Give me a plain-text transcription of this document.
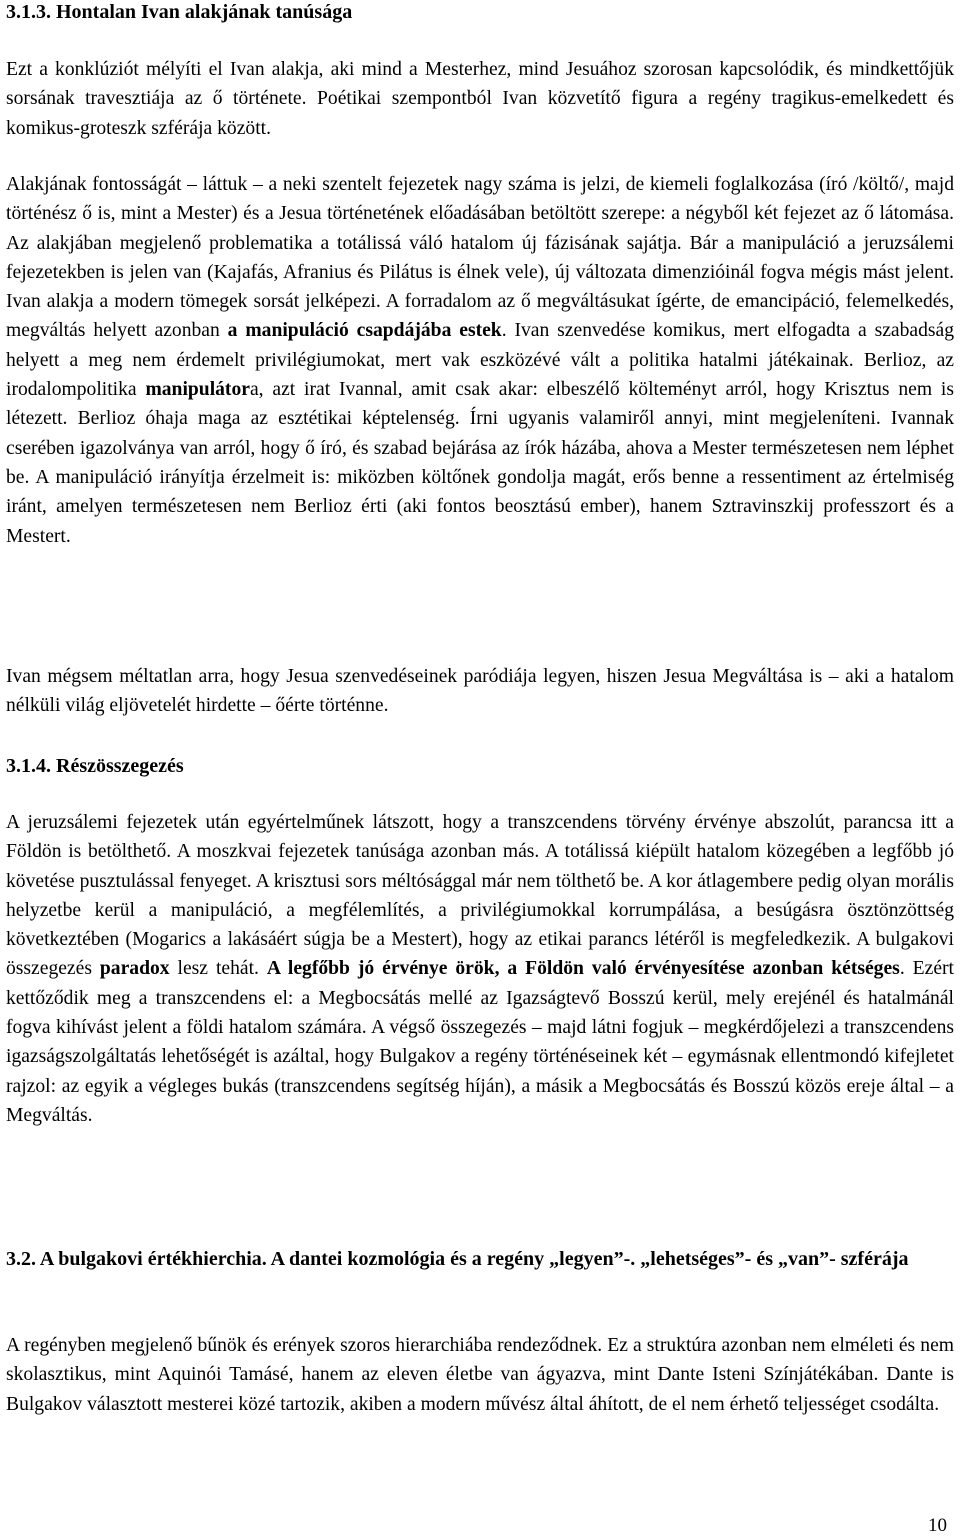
3.1.3. Hontalan Ivan alakjának tanúsága

Ezt a konklúziót mélyíti el Ivan alakja, aki mind a Mesterhez, mind Jesuához szorosan kapcsolódik, és mindkettőjük sorsának travesztiája az ő története. Poétikai szempontból Ivan közvetítő figura a regény tragikus-emelkedett és komikus-groteszk szférája között.

Alakjának fontosságát – láttuk – a neki szentelt fejezetek nagy száma is jelzi, de kiemeli foglalkozása (író /költő/, majd történész ő is, mint a Mester) és a Jesua történetének előadásában betöltött szerepe: a négyből két fejezet az ő látomása. Az alakjában megjelenő problematika a totálissá váló hatalom új fázisának sajátja. Bár a manipuláció a jeruzsálemi fejezetekben is jelen van (Kajafás, Afranius és Pilátus is élnek vele), új változata dimenzióinál fogva mégis mást jelent. Ivan alakja a modern tömegek sorsát jelképezi. A forradalom az ő megváltásukat ígérte, de emancipáció, felemelkedés, megváltás helyett azonban a manipuláció csapdájába estek. Ivan szenvedése komikus, mert elfogadta a szabadság helyett a meg nem érdemelt privilégiumokat, mert vak eszközévé vált a politika hatalmi játékainak. Berlioz, az irodalompolitika manipulátora, azt irat Ivannal, amit csak akar: elbeszélő költeményt arról, hogy Krisztus nem is létezett. Berlioz óhaja maga az esztétikai képtelenség. Írni ugyanis valamiről annyi, mint megjeleníteni. Ivannak cserében igazolványa van arról, hogy ő író, és szabad bejárása az írók házába, ahova a Mester természetesen nem léphet be. A manipuláció irányítja érzelmeit is: miközben költőnek gondolja magát, erős benne a ressentiment az értelmiség iránt, amelyen természetesen nem Berlioz érti (aki fontos beosztású ember), hanem Sztravinszkij professzort és a Mestert.

Ivan mégsem méltatlan arra, hogy Jesua szenvedéseinek paródiája legyen, hiszen Jesua Megváltása is – aki a hatalom nélküli világ eljövetelét hirdette – őérte történne.

3.1.4. Részösszegezés

A jeruzsálemi fejezetek után egyértelműnek látszott, hogy a transzcendens törvény érvénye abszolút, parancsa itt a Földön is betölthető. A moszkvai fejezetek tanúsága azonban más. A totálissá kiépült hatalom közegében a legfőbb jó követése pusztulással fenyeget. A krisztusi sors méltósággal már nem tölthető be. A kor átlagembere pedig olyan morális helyzetbe kerül a manipuláció, a megfélemlítés, a privilégiumokkal korrumpálása, a besúgásra ösztönzöttség következtében (Mogarics a lakásáért súgja be a Mestert), hogy az etikai parancs létéről is megfeledkezik. A bulgakovi összegezés paradox lesz tehát. A legfőbb jó érvénye örök, a Földön való érvényesítése azonban kétséges. Ezért kettőződik meg a transzcendens el: a Megbocsátás mellé az Igazságtevő Bosszú kerül, mely erejénél és hatalmánál fogva kihívást jelent a földi hatalom számára. A végső összegezés – majd látni fogjuk – megkérdőjelezi a transzcendens igazságszolgáltatás lehetőségét is azáltal, hogy Bulgakov a regény történéseinek két – egymásnak ellentmondó kifejletet rajzol: az egyik a végleges bukás (transzcendens segítség híján), a másik a Megbocsátás és Bosszú közös ereje által – a Megváltás.

3.2. A bulgakovi értékhierchia. A dantei kozmológia és a regény „legyen”-. „lehetséges”- és „van”- szférája

A regényben megjelenő bűnök és erények szoros hierarchiába rendeződnek. Ez a struktúra azonban nem elméleti és nem skolasztikus, mint Aquinói Tamásé, hanem az eleven életbe van ágyazva, mint Dante Isteni Színjátékában. Dante is Bulgakov választott mesterei közé tartozik, akiben a modern művész által áhított, de el nem érhető teljességet csodálta.

10
